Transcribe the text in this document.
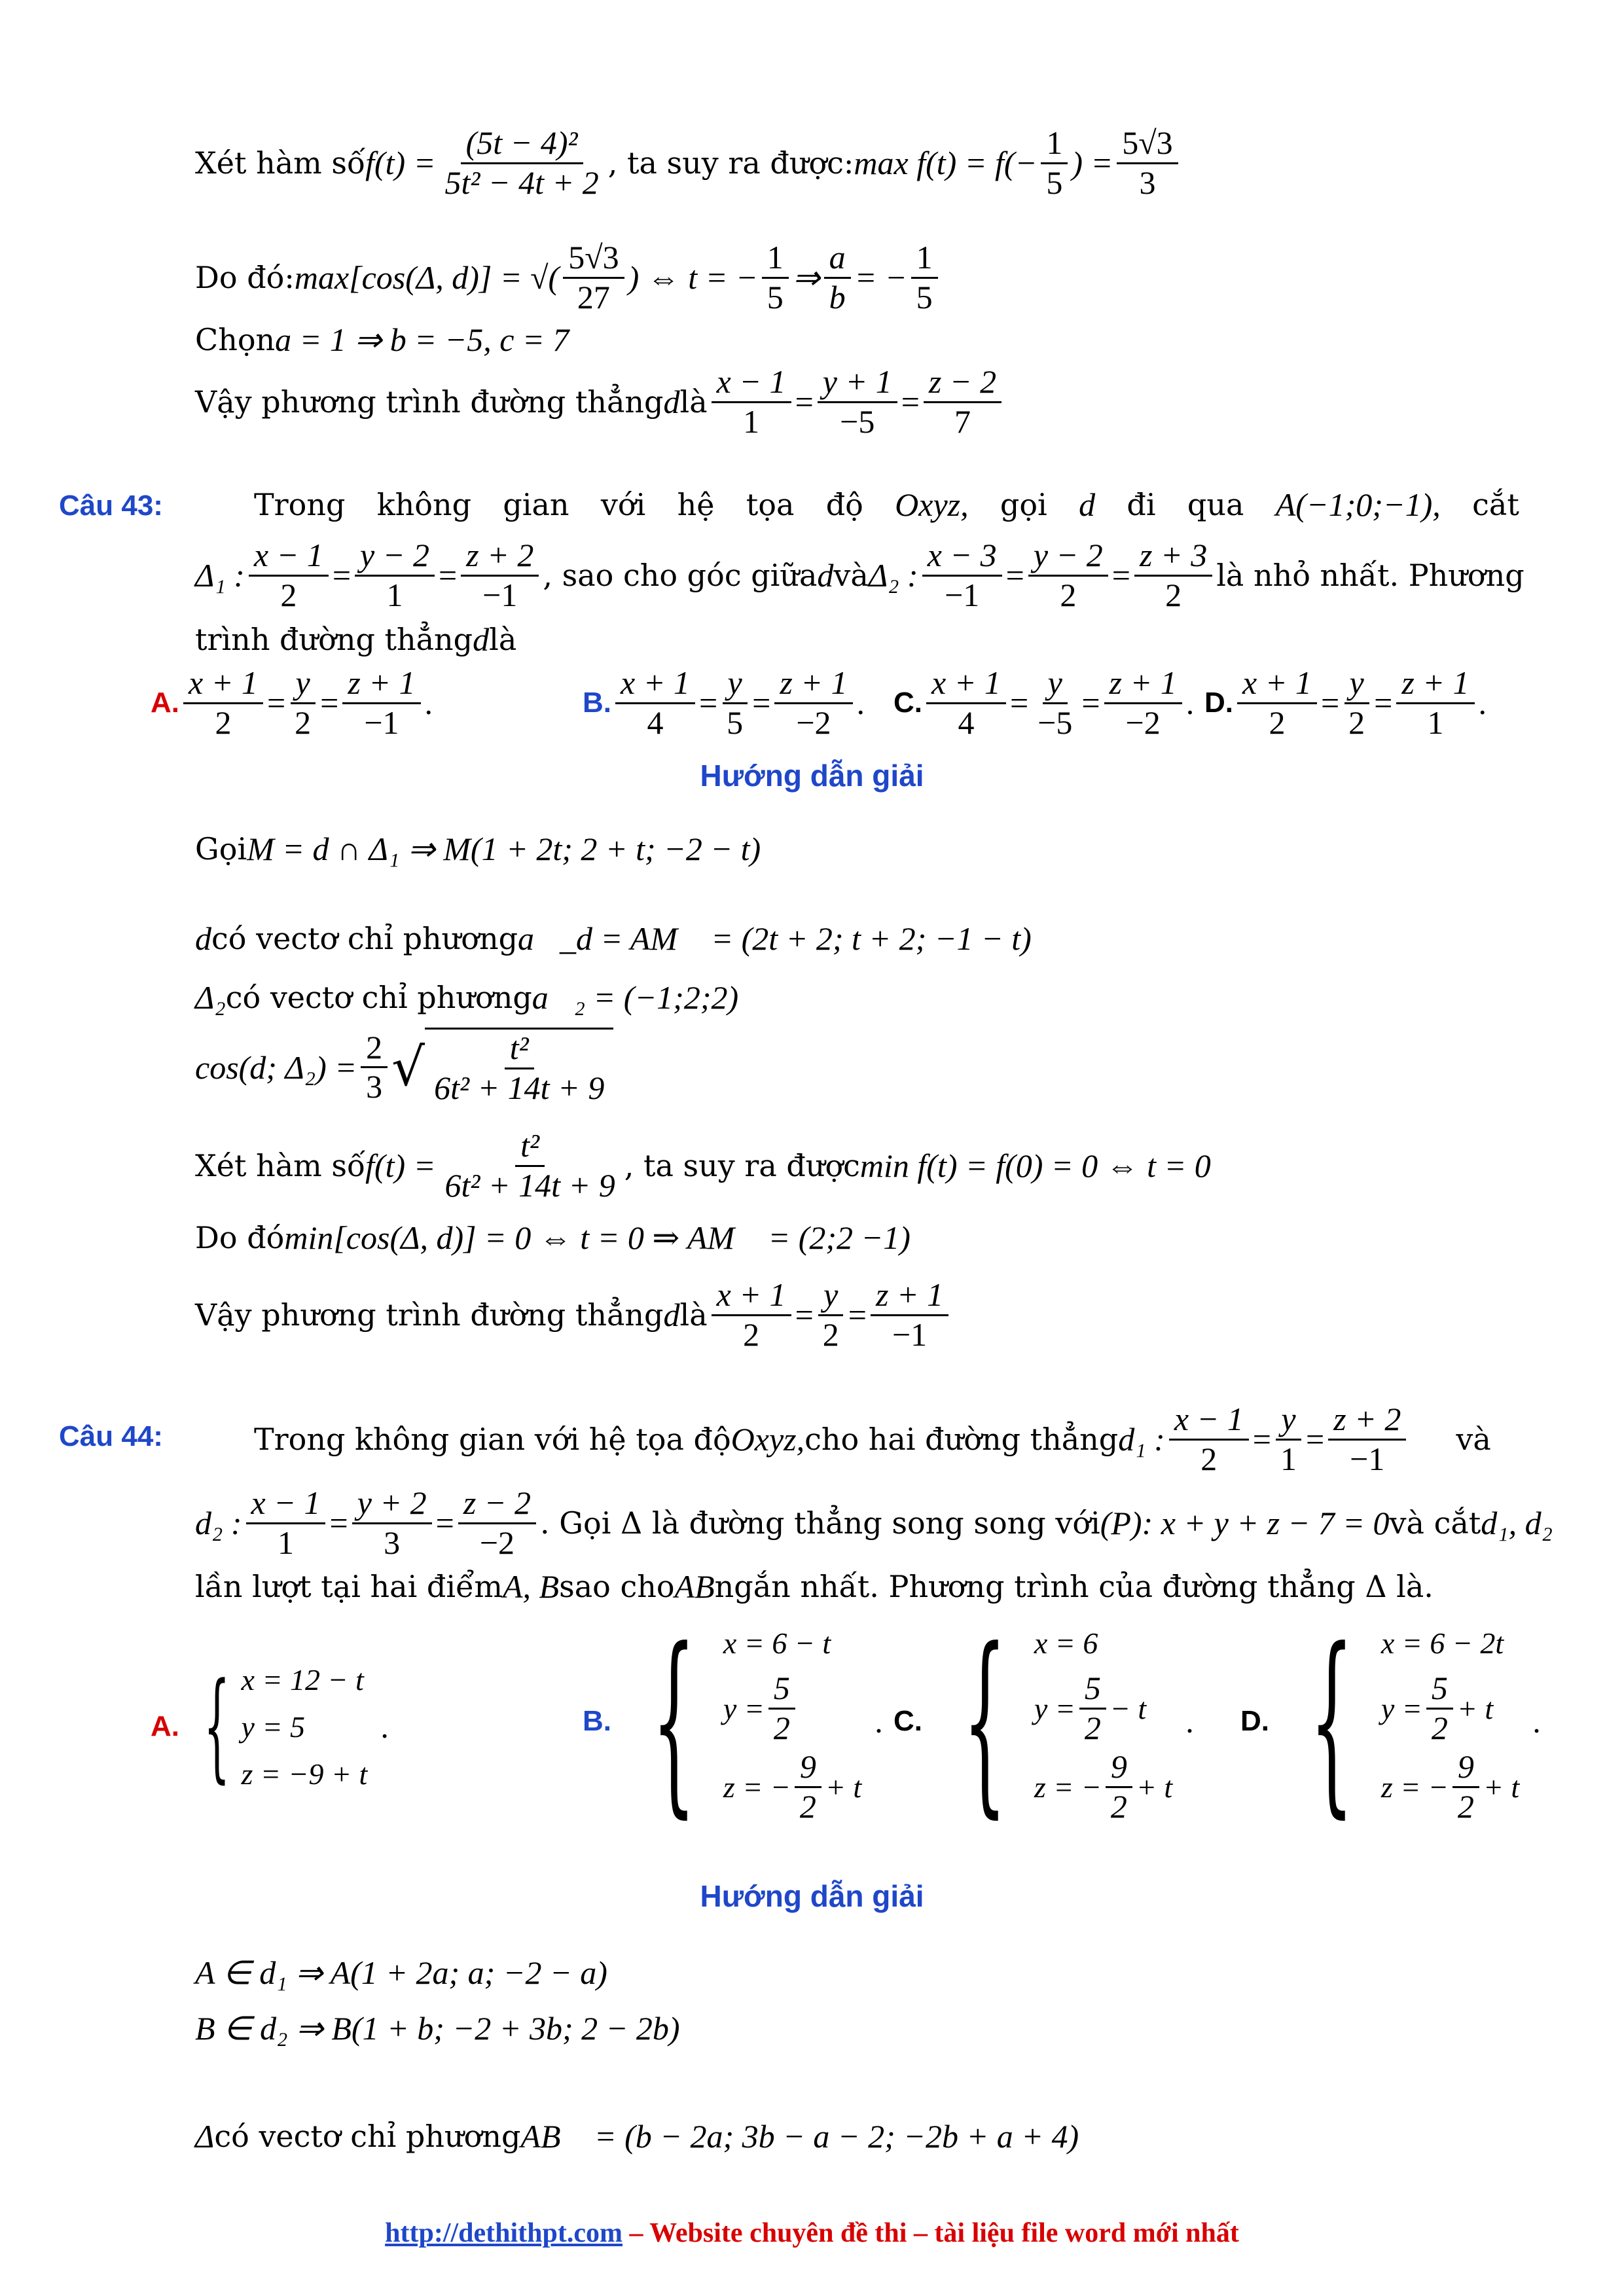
Xét hàm số $f(t) = \frac{\text{(5t − 4)²}}{\text{5t² − 4t + 2}}$ , ta suy ra được: $\max f(t) = f(- \frac{1}{5}$ ) = $\frac{5√3}{3}$
Do đó: max[cos(Δ, d)] = √( $\frac{5√3}{27}$ ) ⇔ t = − $\frac{1}{5}$ ⇒ $\frac{a}{b}$ = − $\frac{1}{5}$
Chọn a = 1 ⇒ b = −5, c = 7
Vậy phương trình đường thẳng d là $\frac{x - 1}{1} = \frac{y + 1}{-5} = \frac{z - 2}{7}$
Câu 43:	Trong không gian với hệ tọa độ Oxyz, gọi d đi qua A(−1;0;−1), cắt
Δ₁ : $\frac{x - 1}{2} = \frac{y - 2}{1} = \frac{z + 2}{-1}$ , sao cho góc giữa d và Δ₂ : $\frac{x - 3}{-1} = \frac{y - 2}{2} = \frac{z + 3}{2}$ là nhỏ nhất. Phương
trình đường thẳng d là
A. $\frac{x + 1}{2} = \frac{y}{2} = \frac{z + 1}{-1}$ .	B. $\frac{x + 1}{4} = \frac{y}{5} = \frac{z + 1}{-2}$ . C. $\frac{x + 1}{4} = \frac{y}{-5} = \frac{z + 1}{-2}$ . D. $\frac{x + 1}{2} = \frac{y}{2} = \frac{z + 1}{1}$ .
Hướng dẫn giải
Gọi M = d ∩ Δ₁ ⇒ M(1 + 2t; 2 + t; −2 − t)
d có vectơ chỉ phương a⃗_d = AM⃗ = (2t + 2; t + 2; −1 − t)
Δ₂ có vectơ chỉ phương a⃗₂ = (−1;2;2)
cos(d; $\Delta_2) = \frac{2}{3}$ √ $\frac{\text{t²}}{\text{6t² + 14t + 9}}$
Xét hàm số $f(t) = \frac{\text{t²}}{\text{6t² + 14t + 9}}$ , ta suy ra được min f(t) = f(0) = 0 ⇔ t = 0
Do đó min[cos(Δ, d)] = 0 ⇔ t = 0 ⇒ AM⃗ = (2;2 −1)
Vậy phương trình đường thẳng d là $\frac{x + 1}{2} = \frac{y}{2} = \frac{z + 1}{-1}$
Câu 44:	Trong không gian với hệ tọa độ Oxyz, cho hai đường thẳng d₁ : $\frac{x - 1}{2} = \frac{y}{1} = \frac{z + 2}{-1}$ và
d₂ : $\frac{x - 1}{1} = \frac{y + 2}{3} = \frac{z - 2}{-2}$ . Gọi Δ là đường thẳng song song với (P): x + y + z − 7 = 0 và cắt d₁, d₂
lần lượt tại hai điểm A, B sao cho AB ngắn nhất. Phương trình của đường thẳng Δ là.
A. { x = 12 − t
y = 5
z = −9 + t
.	B. { x = 6 − t
$y = \frac{5}{2}$
z = − $\frac{9}{2} + t$
. C. { x = 6
$y = \frac{5}{2} - t$
z = − $\frac{9}{2} + t$
. D. { x = 6 − 2t
$y = \frac{5}{2} + t$
z = − $\frac{9}{2} + t$
.
Hướng dẫn giải
A ∈ d₁ ⇒ A(1 + 2a; a; −2 − a)
B ∈ d₂ ⇒ B(1 + b; −2 + 3b; 2 − 2b)
Δ có vectơ chỉ phương AB⃗ = (b − 2a; 3b − a − 2; −2b + a + 4)
http://dethithpt.com – Website chuyên đề thi – tài liệu file word mới nhất
